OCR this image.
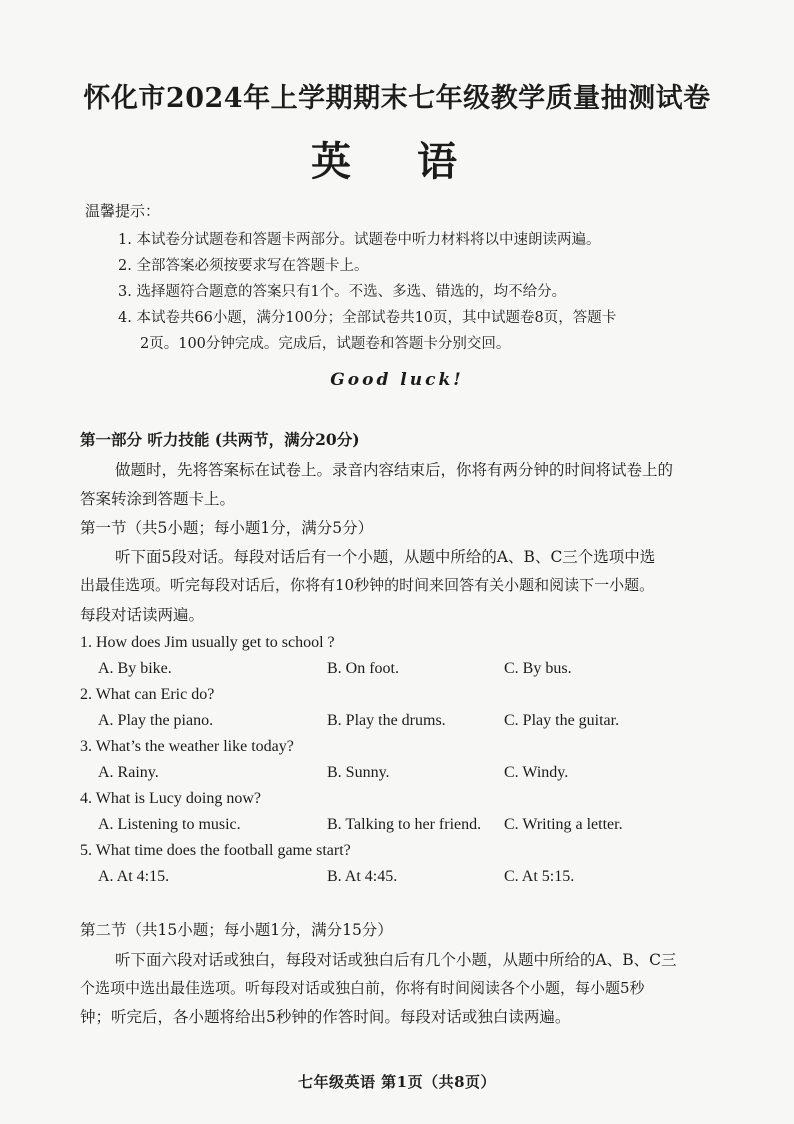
怀化市2024年上学期期末七年级教学质量抽测试卷
英 语
温馨提示：
1. 本试卷分试题卷和答题卡两部分。试题卷中听力材料将以中速朗读两遍。
2. 全部答案必须按要求写在答题卡上。
3. 选择题符合题意的答案只有1个。不选、多选、错选的，均不给分。
4. 本试卷共66小题，满分100分；全部试卷共10页，其中试题卷8页，答题卡
2页。100分钟完成。完成后，试题卷和答题卡分别交回。
Good luck!
第一部分 听力技能 (共两节，满分20分)
做题时，先将答案标在试卷上。录音内容结束后，你将有两分钟的时间将试卷上的
答案转涂到答题卡上。
第一节（共5小题；每小题1分，满分5分）
听下面5段对话。每段对话后有一个小题，从题中所给的A、B、C三个选项中选
出最佳选项。听完每段对话后，你将有10秒钟的时间来回答有关小题和阅读下一小题。
每段对话读两遍。
1. How does Jim usually get to school ?
A. By bike.	B. On foot.	C. By bus.
2. What can Eric do?
A. Play the piano.	B. Play the drums.	C. Play the guitar.
3. What’s the weather like today?
A. Rainy.	B. Sunny.	C. Windy.
4. What is Lucy doing now?
A. Listening to music.	B. Talking to her friend. C. Writing a letter.
5. What time does the football game start?
A. At 4:15.	B. At 4:45.	C. At 5:15.
第二节（共15小题；每小题1分，满分15分）
听下面六段对话或独白，每段对话或独白后有几个小题，从题中所给的A、B、C三
个选项中选出最佳选项。听每段对话或独白前，你将有时间阅读各个小题，每小题5秒
钟；听完后，各小题将给出5秒钟的作答时间。每段对话或独白读两遍。
七年级英语 第1页（共8页）
